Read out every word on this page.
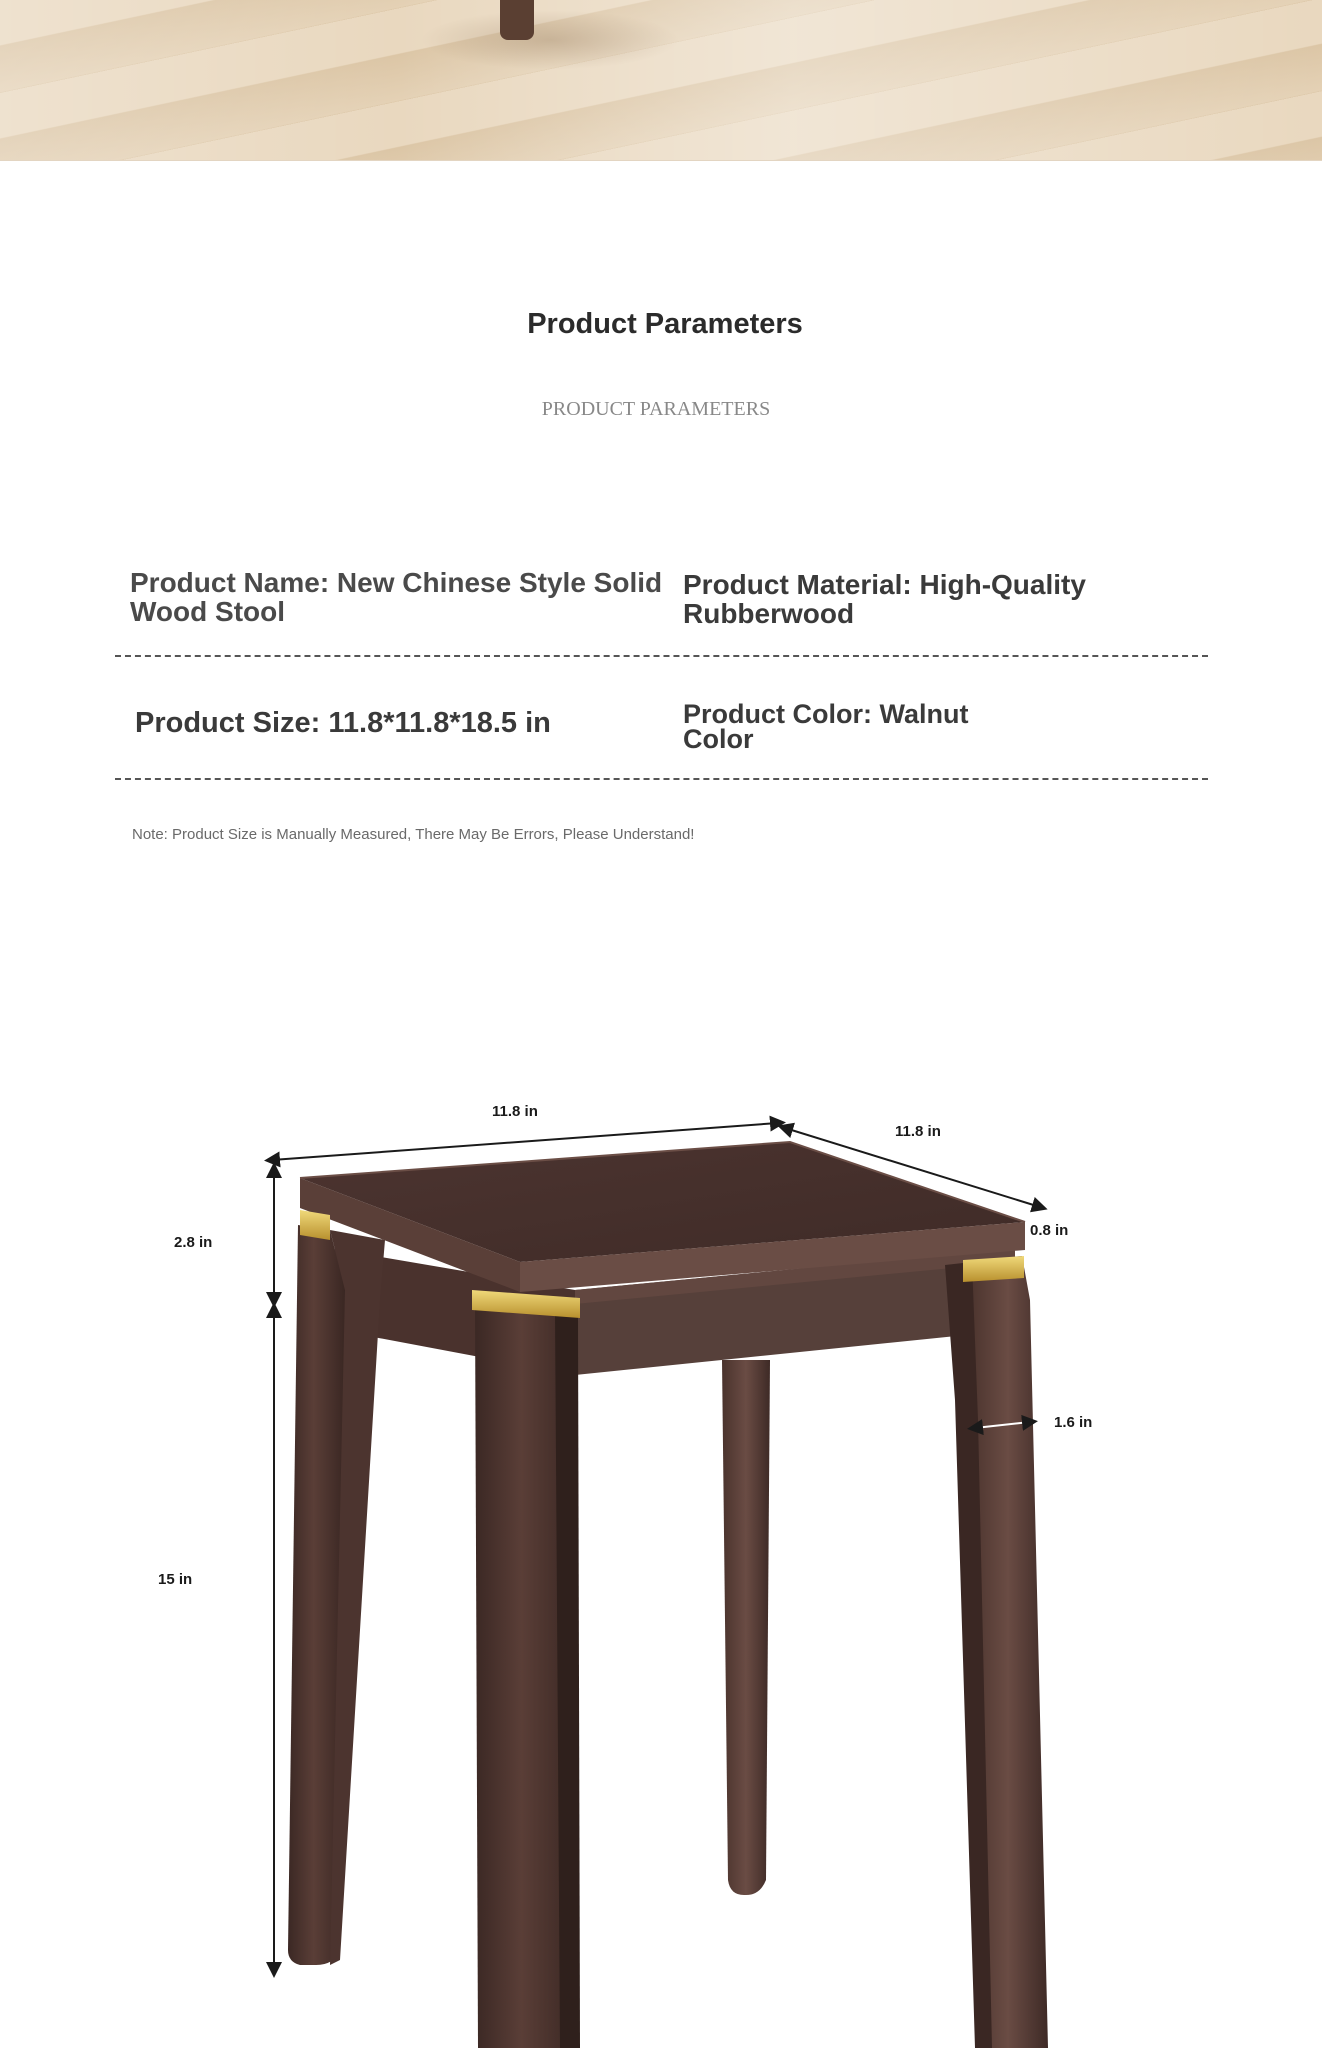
Product Parameters
PRODUCT PARAMETERS
Product Name: New Chinese Style Solid Wood Stool
Product Material: High-Quality Rubberwood
Product Size: 11.8*11.8*18.5 in	Product Color: Walnut Color
Note: Product Size is Manually Measured, There May Be Errors, Please Understand!
11.8 in
11.8 in
0.8 in
1.6 in
2.8 in
15 in
